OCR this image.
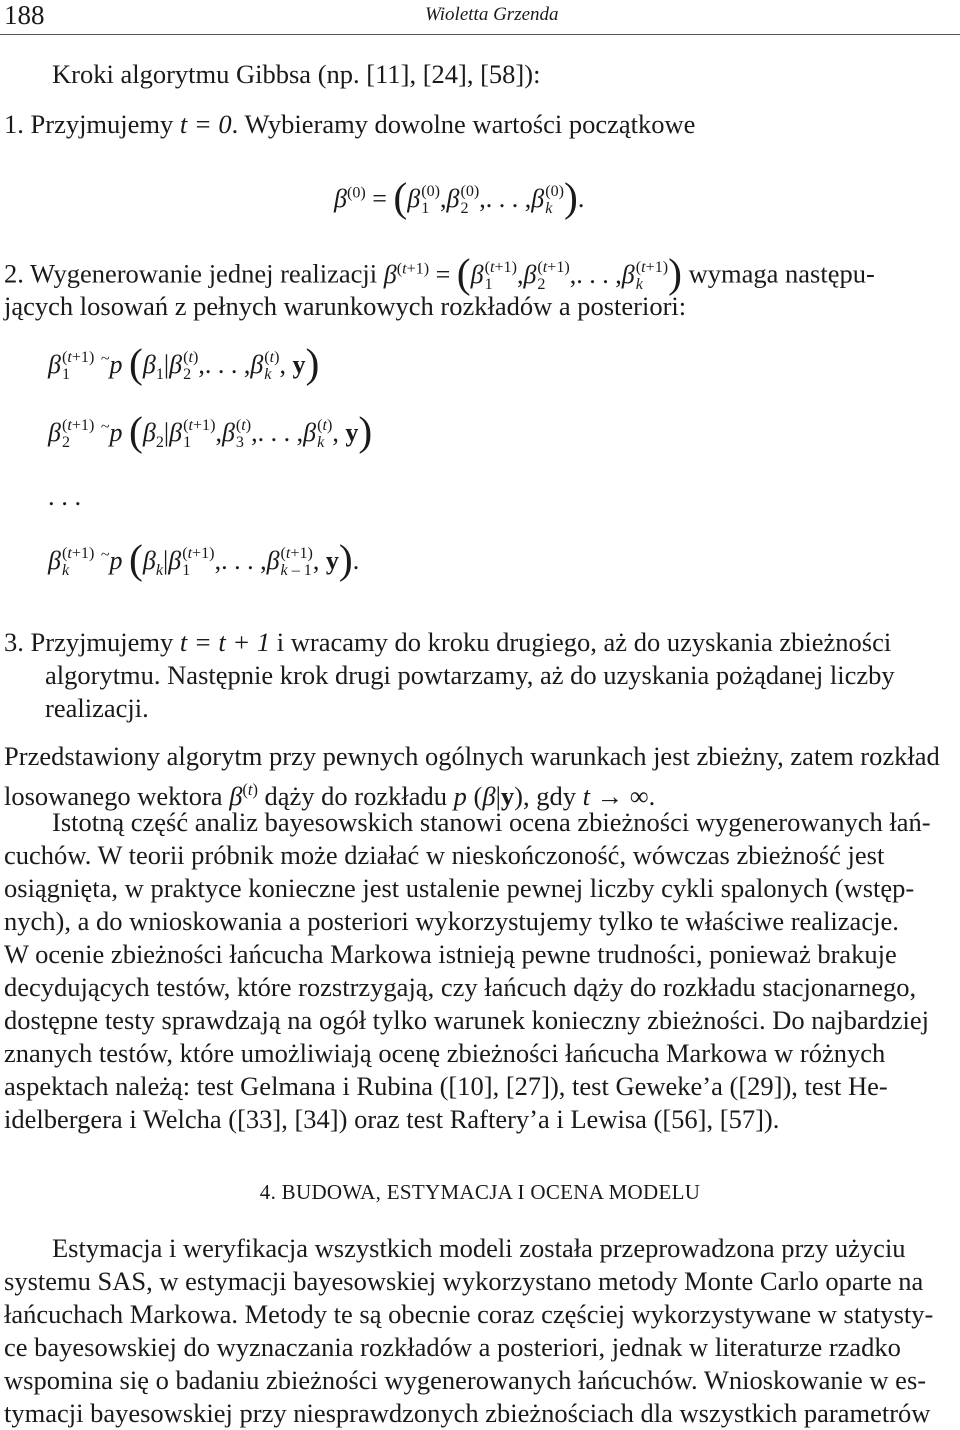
188	Wioletta Grzenda
Kroki algorytmu Gibbsa (np. [11], [24], [58]):
1. Przyjmujemy t = 0. Wybieramy dowolne wartości początkowe
$\beta^{(0)} = (\beta$ (0)
1 ,β (0)
2 ,. . . ,β (0)
k ).
2. Wygenerowanie jednej realizacji $\beta^{(t+1)} = (\beta$ (t+1)
1 ,β (t+1)
2 ,. . . ,β (t+1)
k ) wymaga następu-
jących losowań z pełnych warunkowych rozkładów a posteriori:
β (t+1)
1
~p ($\beta_1|\beta$ (t)
2 ,. . . ,β (t)
k , y)
β (t+1)
2
~p ($\beta_2|\beta$ (t+1)
1 ,β (t)
3 ,. . . ,β (t)
k , y)
. . .
β (t+1)
k
~p ($\beta_k|\beta$ (t+1)
1 ,. . . ,β (t+1)
k – 1 , y).
3. Przyjmujemy t = t + 1 i wracamy do kroku drugiego, aż do uzyskania zbieżności
algorytmu. Następnie krok drugi powtarzamy, aż do uzyskania pożądanej liczby
realizacji.
Przedstawiony algorytm przy pewnych ogólnych warunkach jest zbieżny, zatem rozkład
losowanego wektora $\beta^{(t)}$ dąży do rozkładu p (β|y), gdy t → ∞.
Istotną część analiz bayesowskich stanowi ocena zbieżności wygenerowanych łań-
cuchów. W teorii próbnik może działać w nieskończoność, wówczas zbieżność jest
osiągnięta, w praktyce konieczne jest ustalenie pewnej liczby cykli spalonych (wstęp-
nych), a do wnioskowania a posteriori wykorzystujemy tylko te właściwe realizacje.
W ocenie zbieżności łańcucha Markowa istnieją pewne trudności, ponieważ brakuje
decydujących testów, które rozstrzygają, czy łańcuch dąży do rozkładu stacjonarnego,
dostępne testy sprawdzają na ogół tylko warunek konieczny zbieżności. Do najbardziej
znanych testów, które umożliwiają ocenę zbieżności łańcucha Markowa w różnych
aspektach należą: test Gelmana i Rubina ([10], [27]), test Geweke’a ([29]), test He-
idelbergera i Welcha ([33], [34]) oraz test Raftery’a i Lewisa ([56], [57]).
4. BUDOWA, ESTYMACJA I OCENA MODELU
Estymacja i weryfikacja wszystkich modeli została przeprowadzona przy użyciu
systemu SAS, w estymacji bayesowskiej wykorzystano metody Monte Carlo oparte na
łańcuchach Markowa. Metody te są obecnie coraz częściej wykorzystywane w statysty-
ce bayesowskiej do wyznaczania rozkładów a posteriori, jednak w literaturze rzadko
wspomina się o badaniu zbieżności wygenerowanych łańcuchów. Wnioskowanie w es-
tymacji bayesowskiej przy niesprawdzonych zbieżnościach dla wszystkich parametrów
